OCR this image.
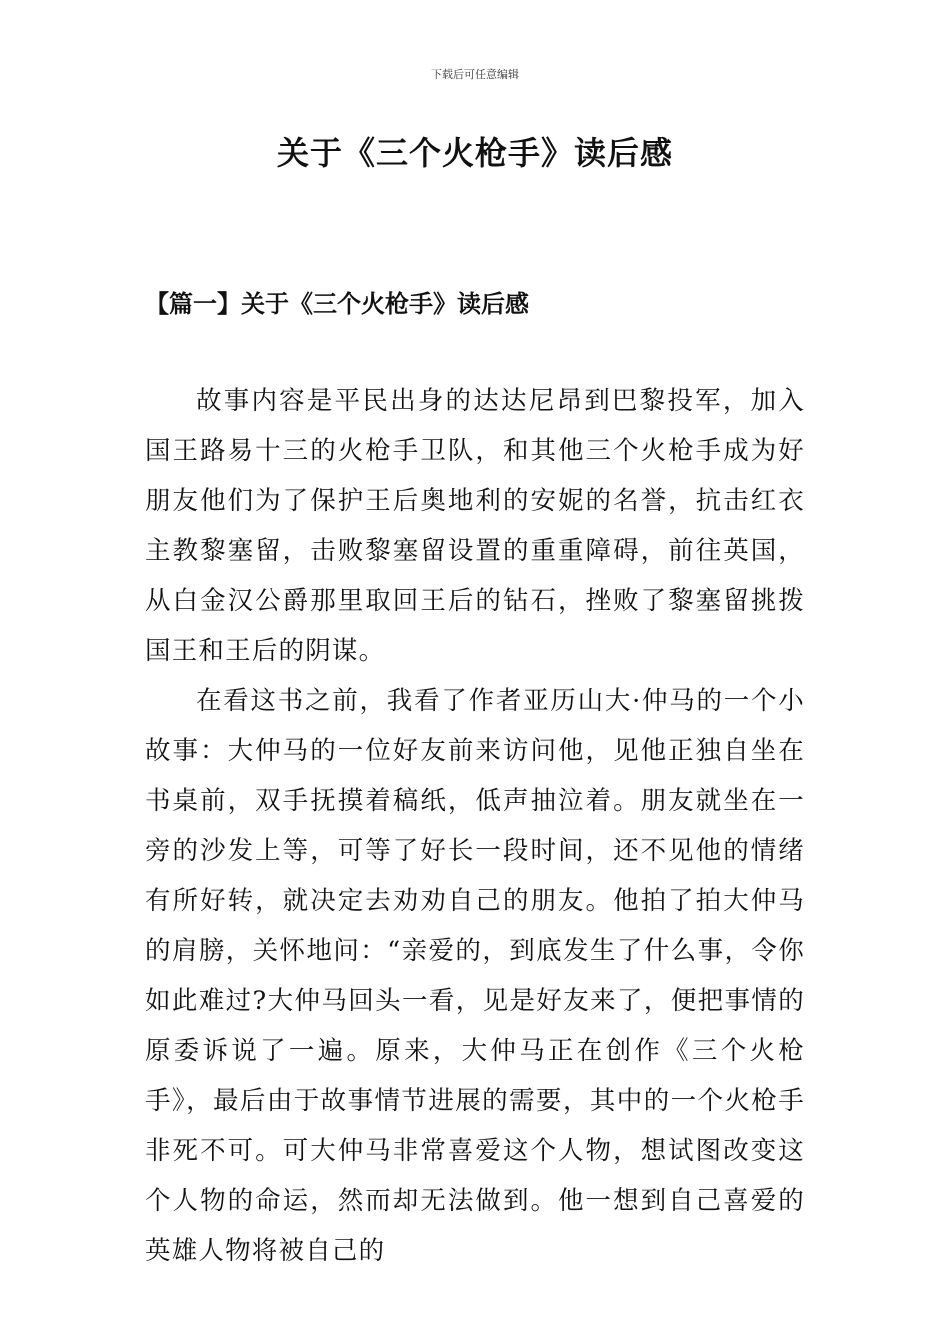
下载后可任意编辑
关于《三个火枪手》读后感
【篇一】关于《三个火枪手》读后感

故事内容是平民出身的达达尼昂到巴黎投军，加入国王路易十三的火枪手卫队，和其他三个火枪手成为好朋友他们为了保护王后奥地利的安妮的名誉，抗击红衣主教黎塞留，击败黎塞留设置的重重障碍，前往英国，从白金汉公爵那里取回王后的钻石，挫败了黎塞留挑拨国王和王后的阴谋。

在看这书之前，我看了作者亚历山大·仲马的一个小故事：大仲马的一位好友前来访问他，见他正独自坐在书桌前，双手抚摸着稿纸，低声抽泣着。朋友就坐在一旁的沙发上等，可等了好长一段时间，还不见他的情绪有所好转，就决定去劝劝自己的朋友。他拍了拍大仲马的肩膀，关怀地问：“亲爱的，到底发生了什么事，令你如此难过?大仲马回头一看，见是好友来了，便把事情的原委诉说了一遍。原来，大仲马正在创作《三个火枪手》，最后由于故事情节进展的需要，其中的一个火枪手非死不可。可大仲马非常喜爱这个人物，想试图改变这个人物的命运，然而却无法做到。他一想到自己喜爱的英雄人物将被自己的
